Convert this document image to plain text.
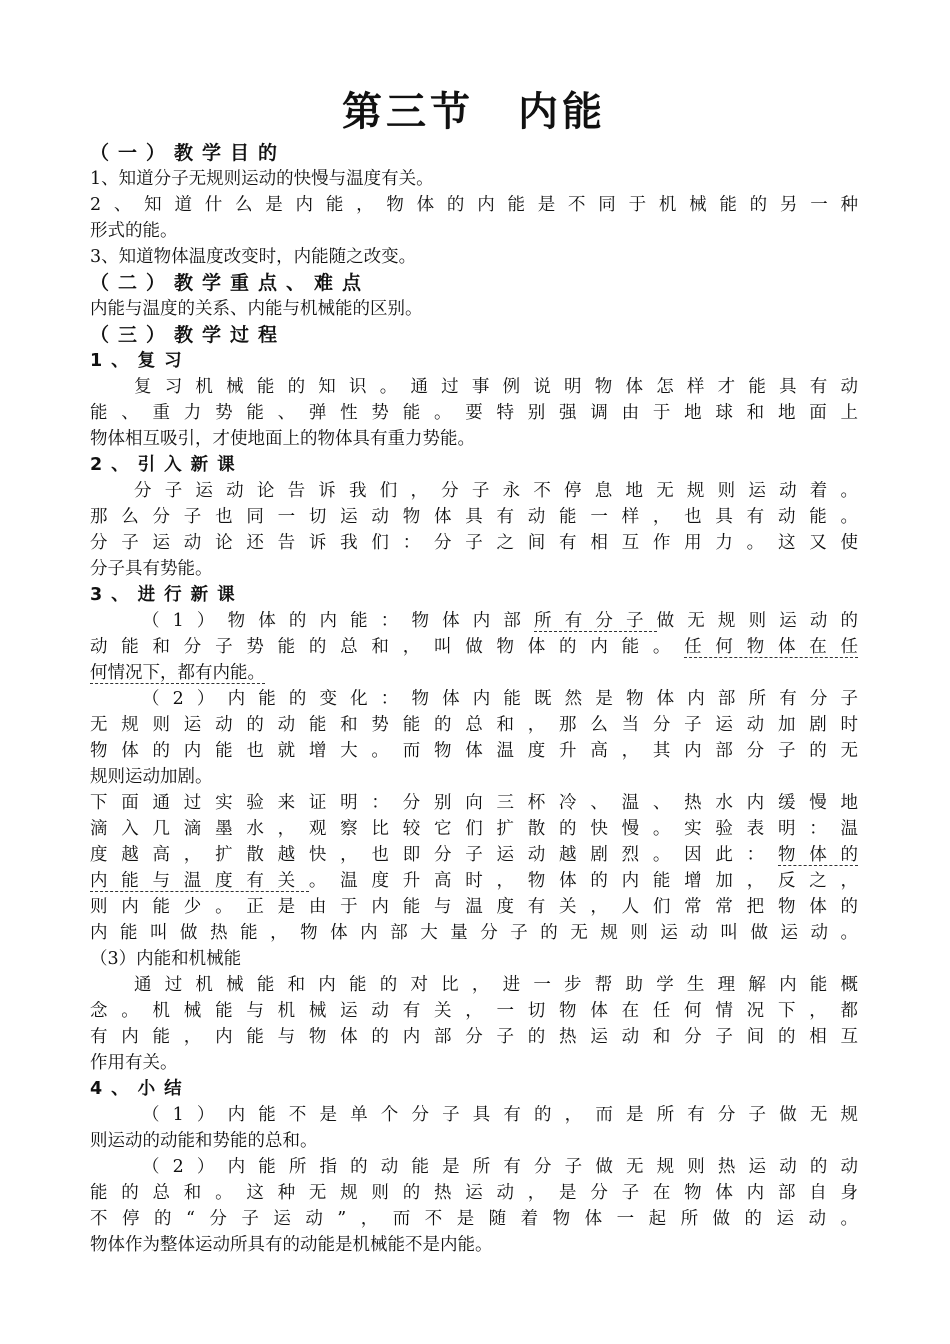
第三节　内能
（一）教学目的
1、知道分子无规则运动的快慢与温度有关。
2、知道什么是内能，物体的内能是不同于机械能的另一种
形式的能。
3、知道物体温度改变时，内能随之改变。
（二）教学重点、难点
内能与温度的关系、内能与机械能的区别。
（三）教学过程
1、复习
复习机械能的知识。通过事例说明物体怎样才能具有动
能、重力势能、弹性势能。要特别强调由于地球和地面上
物体相互吸引，才使地面上的物体具有重力势能。
2、引入新课
分子运动论告诉我们，分子永不停息地无规则运动着。
那么分子也同一切运动物体具有动能一样，也具有动能。
分子运动论还告诉我们：分子之间有相互作用力。这又使
分子具有势能。
3、进行新课
（1）物体的内能：物体内部所有分子做无规则运动的
动能和分子势能的总和，叫做物体的内能。任何物体在任
何情况下，都有内能。
（2）内能的变化：物体内能既然是物体内部所有分子
无规则运动的动能和势能的总和，那么当分子运动加剧时
物体的内能也就增大。而物体温度升高，其内部分子的无
规则运动加剧。
下面通过实验来证明：分别向三杯冷、温、热水内缓慢地
滴入几滴墨水，观察比较它们扩散的快慢。实验表明：温
度越高，扩散越快，也即分子运动越剧烈。因此：物体的
内能与温度有关。温度升高时，物体的内能增加，反之，
则内能少。正是由于内能与温度有关，人们常常把物体的
内能叫做热能，物体内部大量分子的无规则运动叫做运动。
（3）内能和机械能
通过机械能和内能的对比，进一步帮助学生理解内能概
念。机械能与机械运动有关，一切物体在任何情况下，都
有内能，内能与物体的内部分子的热运动和分子间的相互
作用有关。
4、小结
（1）内能不是单个分子具有的，而是所有分子做无规
则运动的动能和势能的总和。
（2）内能所指的动能是所有分子做无规则热运动的动
能的总和。这种无规则的热运动，是分子在物体内部自身
不停的“分子运动”，而不是随着物体一起所做的运动。
物体作为整体运动所具有的动能是机械能不是内能。
